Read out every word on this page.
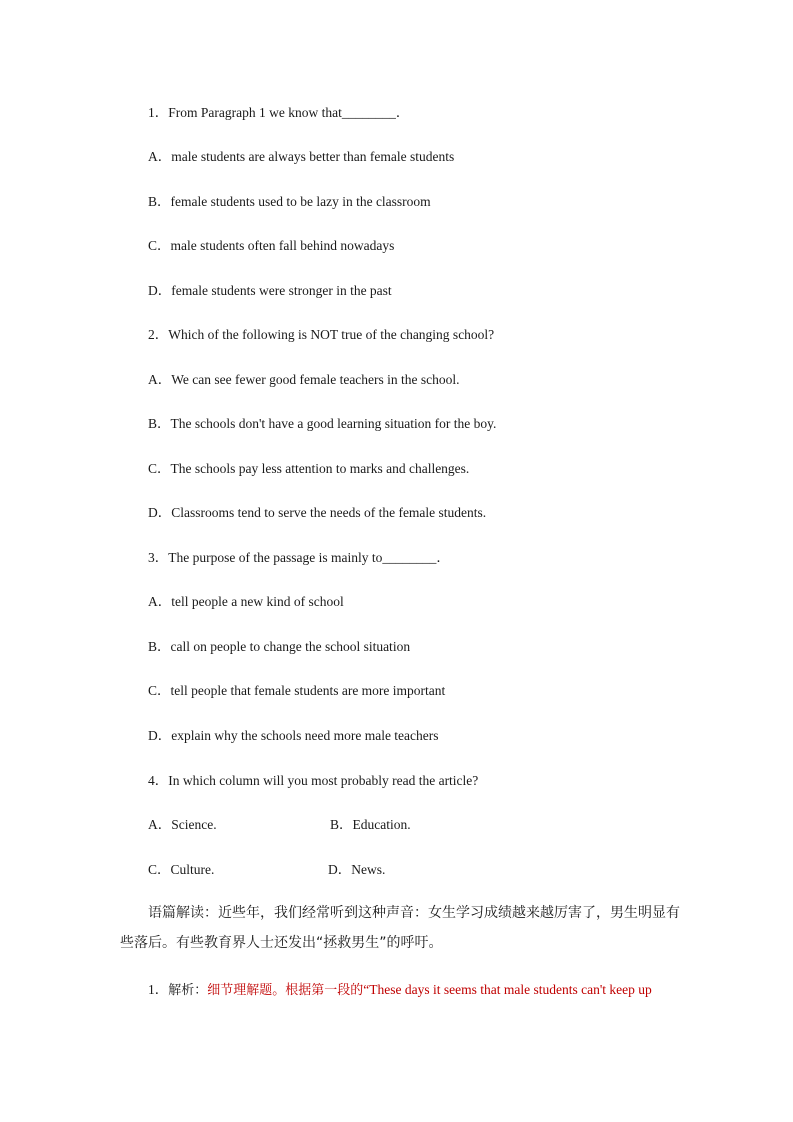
1．From Paragraph 1 we know that________．
A．male students are always better than female students
B．female students used to be lazy in the classroom
C．male students often fall behind nowadays
D．female students were stronger in the past
2．Which of the following is NOT true of the changing school?
A．We can see fewer good female teachers in the school.
B．The schools don't have a good learning situation for the boy.
C．The schools pay less attention to marks and challenges.
D．Classrooms tend to serve the needs of the female students.
3．The purpose of the passage is mainly to________．
A．tell people a new kind of school
B．call on people to change the school situation
C．tell people that female students are more important
D．explain why the schools need more male teachers
4．In which column will you most probably read the article?
A．Science.	B．Education.
C．Culture.	D．News.
语篇解读：近些年，我们经常听到这种声音：女生学习成绩越来越厉害了，男生明显有些落后。有些教育界人士还发出“拯救男生”的呼吁。
1．解析：细节理解题。根据第一段的“These days it seems that male students can't keep up
